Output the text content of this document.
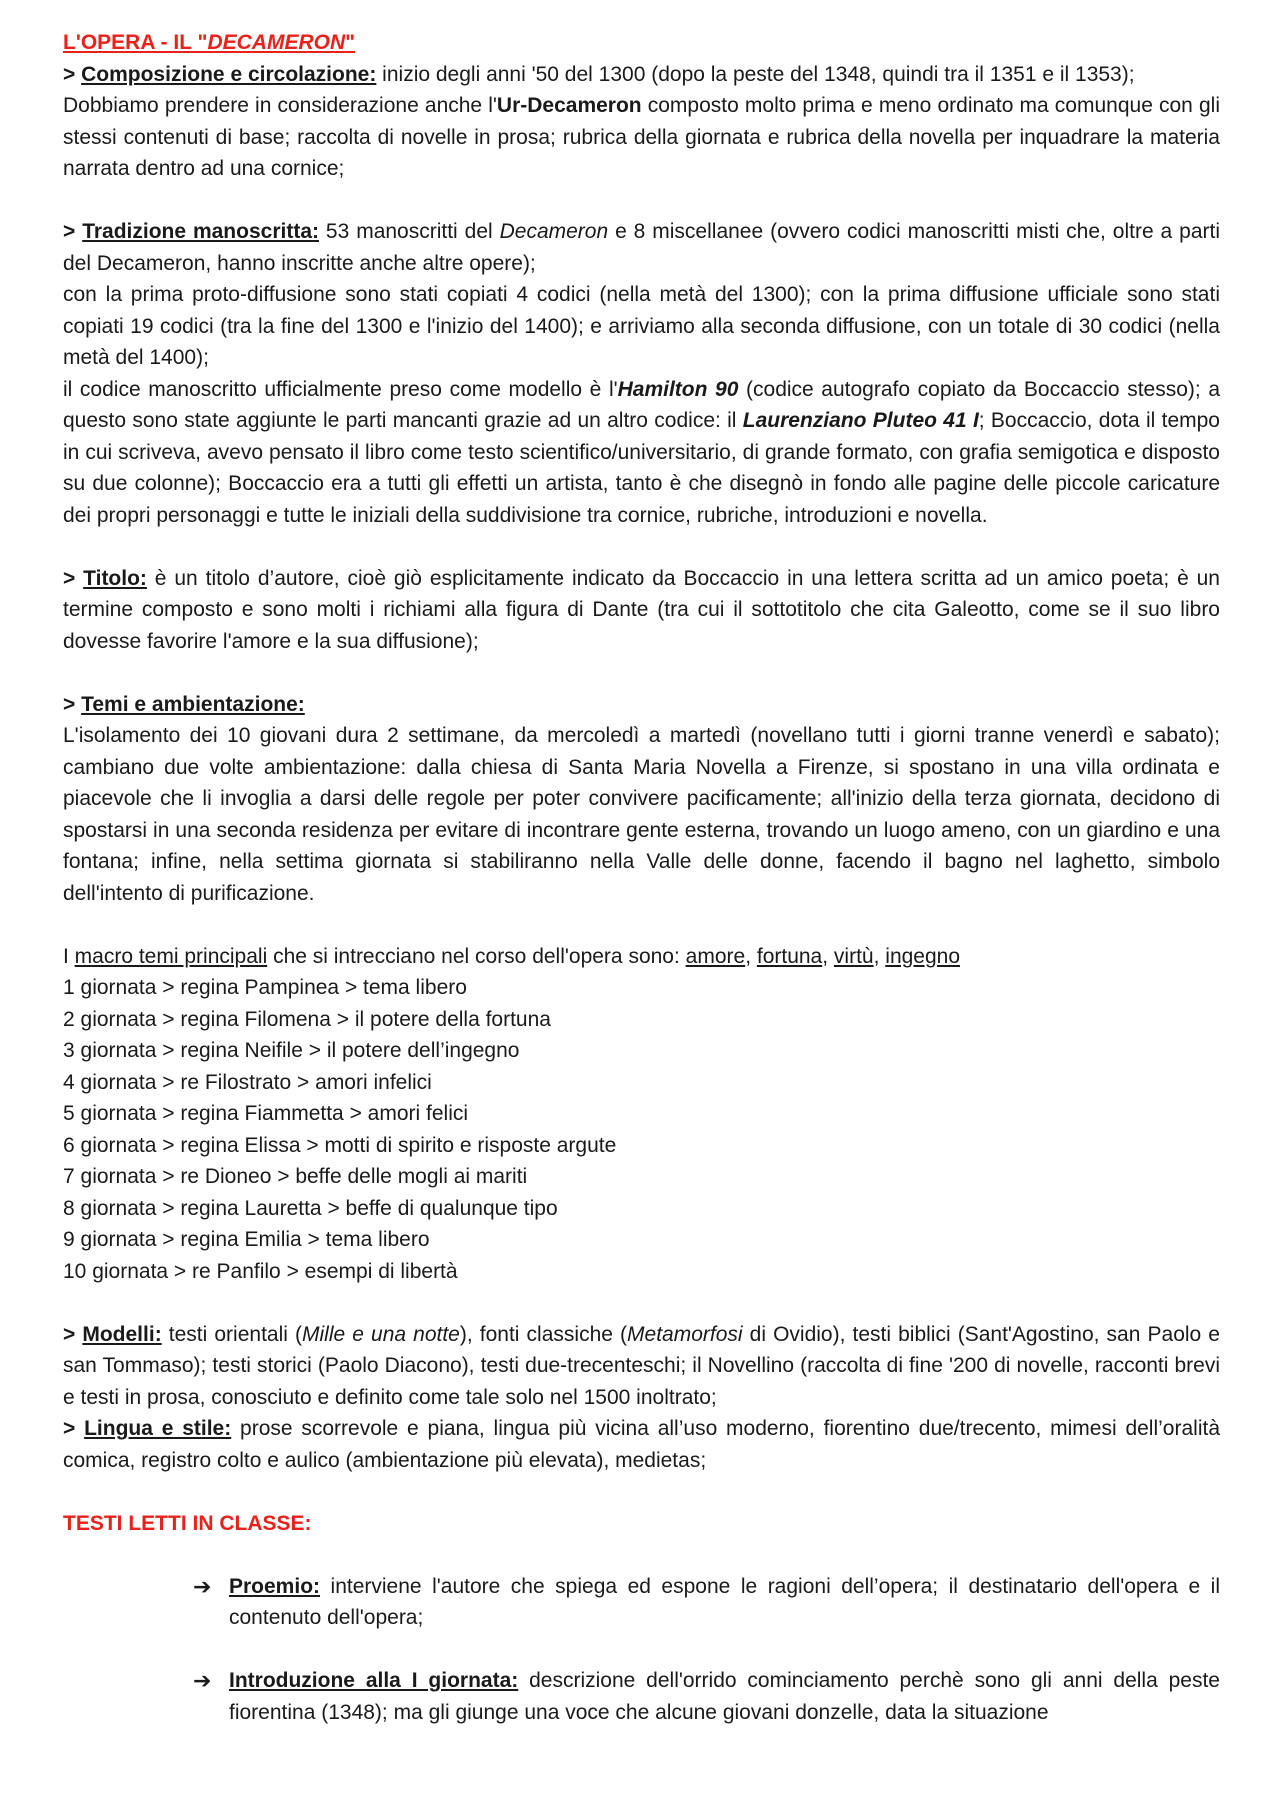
L'OPERA - IL "DECAMERON"

> Composizione e circolazione: inizio degli anni '50 del 1300 (dopo la peste del 1348, quindi tra il 1351 e il 1353);

Dobbiamo prendere in considerazione anche l'Ur-Decameron composto molto prima e meno ordinato ma comunque con gli stessi contenuti di base; raccolta di novelle in prosa; rubrica della giornata e rubrica della novella per inquadrare la materia narrata dentro ad una cornice;

> Tradizione manoscritta: 53 manoscritti del Decameron e 8 miscellanee (ovvero codici manoscritti misti che, oltre a parti del Decameron, hanno inscritte anche altre opere);

con la prima proto-diffusione sono stati copiati 4 codici (nella metà del 1300); con la prima diffusione ufficiale sono stati copiati 19 codici (tra la fine del 1300 e l'inizio del 1400); e arriviamo alla seconda diffusione, con un totale di 30 codici (nella metà del 1400);

il codice manoscritto ufficialmente preso come modello è l'Hamilton 90 (codice autografo copiato da Boccaccio stesso); a questo sono state aggiunte le parti mancanti grazie ad un altro codice: il Laurenziano Pluteo 41 I; Boccaccio, dota il tempo in cui scriveva, avevo pensato il libro come testo scientifico/universitario, di grande formato, con grafia semigotica e disposto su due colonne); Boccaccio era a tutti gli effetti un artista, tanto è che disegnò in fondo alle pagine delle piccole caricature dei propri personaggi e tutte le iniziali della suddivisione tra cornice, rubriche, introduzioni e novella.

> Titolo: è un titolo d’autore, cioè giò esplicitamente indicato da Boccaccio in una lettera scritta ad un amico poeta; è un termine composto e sono molti i richiami alla figura di Dante (tra cui il sottotitolo che cita Galeotto, come se il suo libro dovesse favorire l'amore e la sua diffusione);

> Temi e ambientazione:

L'isolamento dei 10 giovani dura 2 settimane, da mercoledì a martedì (novellano tutti i giorni tranne venerdì e sabato); cambiano due volte ambientazione: dalla chiesa di Santa Maria Novella a Firenze, si spostano in una villa ordinata e piacevole che li invoglia a darsi delle regole per poter convivere pacificamente; all'inizio della terza giornata, decidono di spostarsi in una seconda residenza per evitare di incontrare gente esterna, trovando un luogo ameno, con un giardino e una fontana; infine, nella settima giornata si stabiliranno nella Valle delle donne, facendo il bagno nel laghetto, simbolo dell'intento di purificazione.

I macro temi principali che si intrecciano nel corso dell'opera sono: amore, fortuna, virtù, ingegno

1 giornata > regina Pampinea > tema libero

2 giornata > regina Filomena > il potere della fortuna

3 giornata > regina Neifile > il potere dell’ingegno

4 giornata > re Filostrato > amori infelici

5 giornata > regina Fiammetta > amori felici

6 giornata > regina Elissa > motti di spirito e risposte argute

7 giornata > re Dioneo > beffe delle mogli ai mariti

8 giornata > regina Lauretta > beffe di qualunque tipo

9 giornata > regina Emilia > tema libero

10 giornata > re Panfilo > esempi di libertà

> Modelli: testi orientali (Mille e una notte), fonti classiche (Metamorfosi di Ovidio), testi biblici (Sant'Agostino, san Paolo e san Tommaso); testi storici (Paolo Diacono), testi due-trecenteschi; il Novellino (raccolta di fine '200 di novelle, racconti brevi e testi in prosa, conosciuto e definito come tale solo nel 1500 inoltrato;

> Lingua e stile: prose scorrevole e piana, lingua più vicina all’uso moderno, fiorentino due/trecento, mimesi dell’oralità comica, registro colto e aulico (ambientazione più elevata), medietas;

TESTI LETTI IN CLASSE:

➔ Proemio: interviene l'autore che spiega ed espone le ragioni dell’opera; il destinatario dell'opera e il contenuto dell'opera;

➔ Introduzione alla I giornata: descrizione dell'orrido cominciamento perchè sono gli anni della peste fiorentina (1348); ma gli giunge una voce che alcune giovani donzelle, data la situazione
